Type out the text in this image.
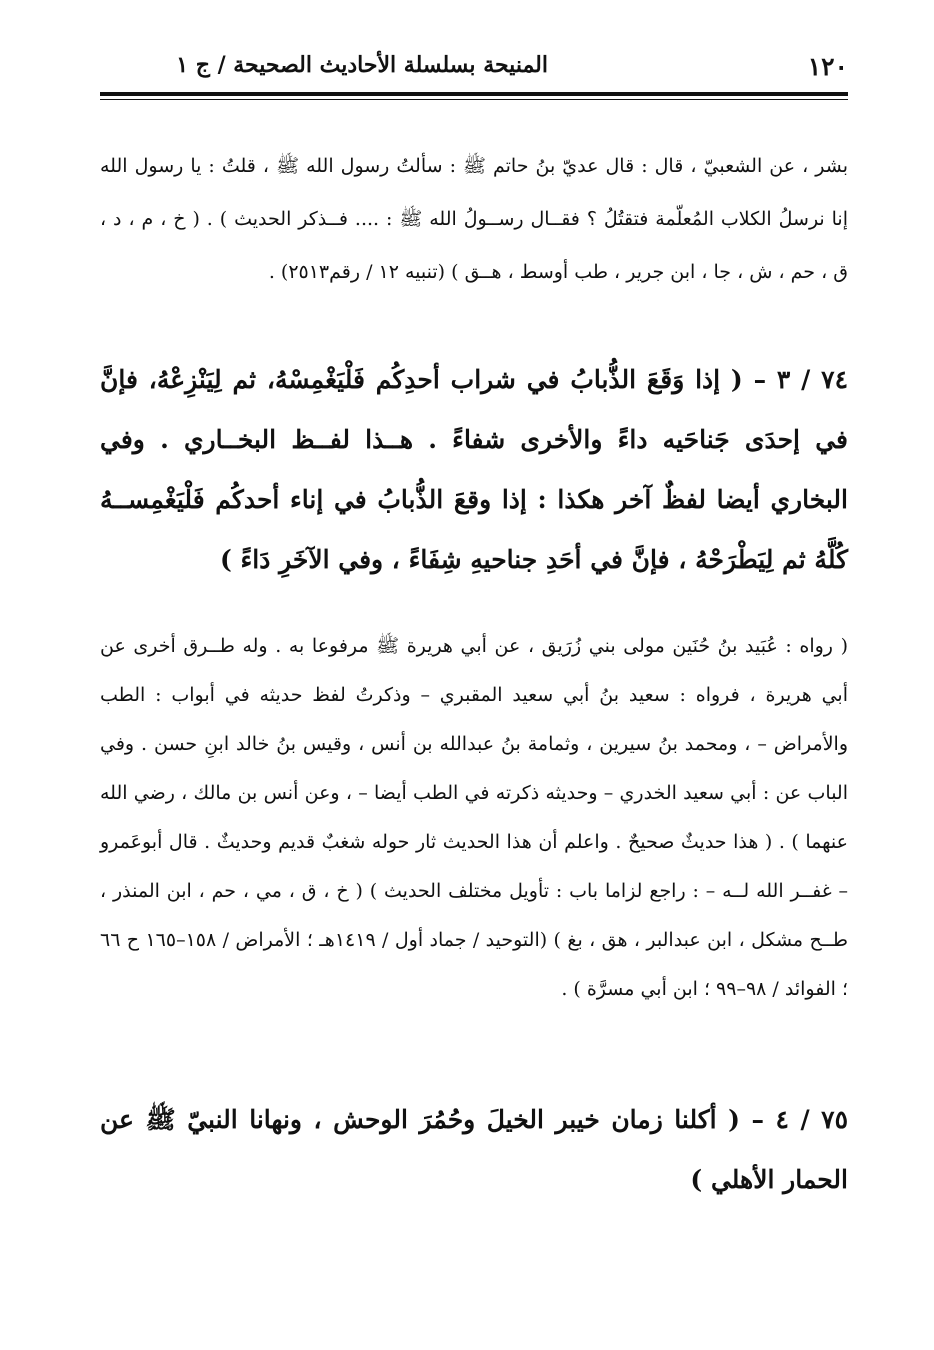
١٢٠
المنيحة بسلسلة الأحاديث الصحيحة / ج ١
بشر ، عن الشعبيّ ، قال : قال عديّ بنُ حاتم ﷺ : سألتُ رسول الله ﷺ ، قلتُ : يا رسول الله إنا نرسلُ الكلاب المُعلّمة فتقتُلُ ؟ فقــال رســولُ الله ﷺ : .... فــذكر الحديث ) . ( خ ، م ، د ، ق ، حم ، ش ، جا ، ابن جرير ، طب أوسط ، هــق ) (تنبيه ١٢ / رقم٢٥١٣) .
٧٤ / ٣ – ( إذا وَقَعَ الذُّبابُ في شراب أحدِكُم فَلْيَغْمِسْهُ، ثم لِيَنْزِعْهُ، فإنَّ في إحدَى جَناحَيه داءً والأخرى شفاءً . هــذا لفــظ البخــاري . وفي البخاري أيضا لفظٌ آخر هكذا : إذا وقعَ الذُّبابُ في إناء أحدكُم فَلْيَغْمِســهُ كُلَّهُ ثم لِيَطْرَحْهُ ، فإنَّ في أحَدِ جناحيهِ شِفَاءً ، وفي الآخَرِ دَاءً )
( رواه : عُبَيد بنُ حُنَين مولى بني زُرَيق ، عن أبي هريرة ﷺ مرفوعا به . وله طــرق أخرى عن أبي هريرة ، فرواه : سعيد بنُ أبي سعيد المقبري – وذكرتُ لفظ حديثه في أبواب : الطب والأمراض – ، ومحمد بنُ سيرين ، وثمامة بنُ عبدالله بن أنس ، وقيس بنُ خالد ابنِ حسن . وفي الباب عن : أبي سعيد الخدري – وحديثه ذكرته في الطب أيضا – ، وعن أنس بن مالك ، رضي الله عنهما ) . ( هذا حديثٌ صحيحٌ . واعلم أن هذا الحديث ثار حوله شغبٌ قديم وحديثٌ . قال أبوعَمرو – غفــر الله لــه – : راجع لزاما باب : تأويل مختلف الحديث ) ( خ ، ق ، مي ، حم ، ابن المنذر ، طــح مشكل ، ابن عبدالبر ، هق ، بغ ) (التوحيد / جماد أول / ١٤١٩هـ ؛ الأمراض / ١٥٨–١٦٥ ح ٦٦ ؛ الفوائد / ٩٨–٩٩ ؛ ابن أبي مسرَّة ) .
٧٥ / ٤ – ( أكلنا زمان خيبر الخيلَ وحُمُرَ الوحش ، ونهانا النبيّ ﷺ عن الحمار الأهلي )
